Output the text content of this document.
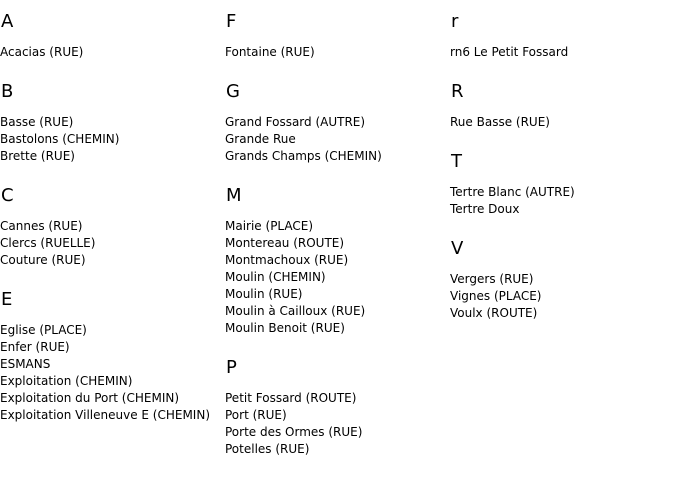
A
Acacias (RUE)
B
Basse (RUE)
Bastolons (CHEMIN)
Brette (RUE)
C
Cannes (RUE)
Clercs (RUELLE)
Couture (RUE)
E
Eglise (PLACE)
Enfer (RUE)
ESMANS
Exploitation (CHEMIN)
Exploitation du Port (CHEMIN)
Exploitation Villeneuve E (CHEMIN)
F
Fontaine (RUE)
G
Grand Fossard (AUTRE)
Grande Rue
Grands Champs (CHEMIN)
M
Mairie (PLACE)
Montereau (ROUTE)
Montmachoux (RUE)
Moulin (CHEMIN)
Moulin (RUE)
Moulin à Cailloux (RUE)
Moulin Benoit (RUE)
P
Petit Fossard (ROUTE)
Port (RUE)
Porte des Ormes (RUE)
Potelles (RUE)
r
rn6 Le Petit Fossard
R
Rue Basse (RUE)
T
Tertre Blanc (AUTRE)
Tertre Doux
V
Vergers (RUE)
Vignes (PLACE)
Voulx (ROUTE)
